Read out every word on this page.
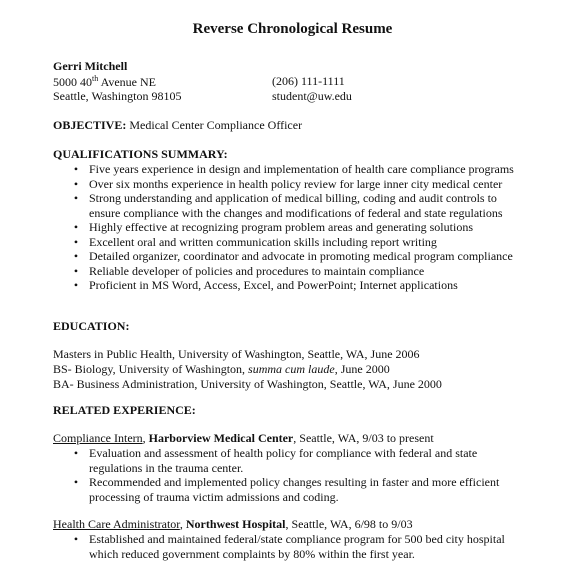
Reverse Chronological Resume
Gerri Mitchell
5000 40th Avenue NE
Seattle, Washington 98105
(206) 111-1111
student@uw.edu
OBJECTIVE: Medical Center Compliance Officer
QUALIFICATIONS SUMMARY:
• Five years experience in design and implementation of health care compliance programs
• Over six months experience in health policy review for large inner city medical center
• Strong understanding and application of medical billing, coding and audit controls to
ensure compliance with the changes and modifications of federal and state regulations
• Highly effective at recognizing program problem areas and generating solutions
• Excellent oral and written communication skills including report writing
• Detailed organizer, coordinator and advocate in promoting medical program compliance
• Reliable developer of policies and procedures to maintain compliance
• Proficient in MS Word, Access, Excel, and PowerPoint; Internet applications
EDUCATION:
Masters in Public Health, University of Washington, Seattle, WA, June 2006
BS- Biology, University of Washington, summa cum laude, June 2000
BA- Business Administration, University of Washington, Seattle, WA, June 2000
RELATED EXPERIENCE:
Compliance Intern, Harborview Medical Center, Seattle, WA, 9/03 to present
• Evaluation and assessment of health policy for compliance with federal and state
regulations in the trauma center.
• Recommended and implemented policy changes resulting in faster and more efficient
processing of trauma victim admissions and coding.
Health Care Administrator, Northwest Hospital, Seattle, WA, 6/98 to 9/03
• Established and maintained federal/state compliance program for 500 bed city hospital
which reduced government complaints by 80% within the first year.
